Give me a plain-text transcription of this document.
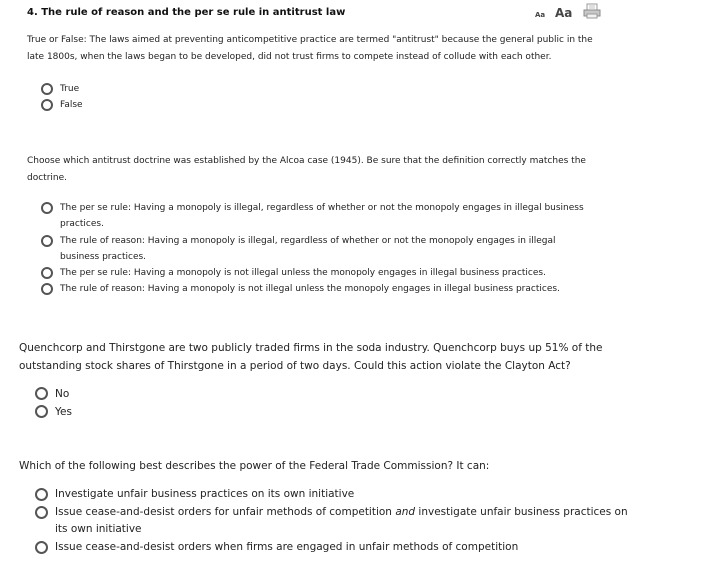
4. The rule of reason and the per se rule in antitrust law	Aa Aa

True or False: The laws aimed at preventing anticompetitive practice are termed "antitrust" because the general public in the late 1800s, when the laws began to be developed, did not trust firms to compete instead of collude with each other.

True
False

Choose which antitrust doctrine was established by the Alcoa case (1945). Be sure that the definition correctly matches the doctrine.

The per se rule: Having a monopoly is illegal, regardless of whether or not the monopoly engages in illegal business practices.
The rule of reason: Having a monopoly is illegal, regardless of whether or not the monopoly engages in illegal business practices.
The per se rule: Having a monopoly is not illegal unless the monopoly engages in illegal business practices.
The rule of reason: Having a monopoly is not illegal unless the monopoly engages in illegal business practices.

Quenchcorp and Thirstgone are two publicly traded firms in the soda industry. Quenchcorp buys up 51% of the outstanding stock shares of Thirstgone in a period of two days. Could this action violate the Clayton Act?

No
Yes

Which of the following best describes the power of the Federal Trade Commission? It can:

Investigate unfair business practices on its own initiative
Issue cease-and-desist orders for unfair methods of competition and investigate unfair business practices on its own initiative
Issue cease-and-desist orders when firms are engaged in unfair methods of competition
